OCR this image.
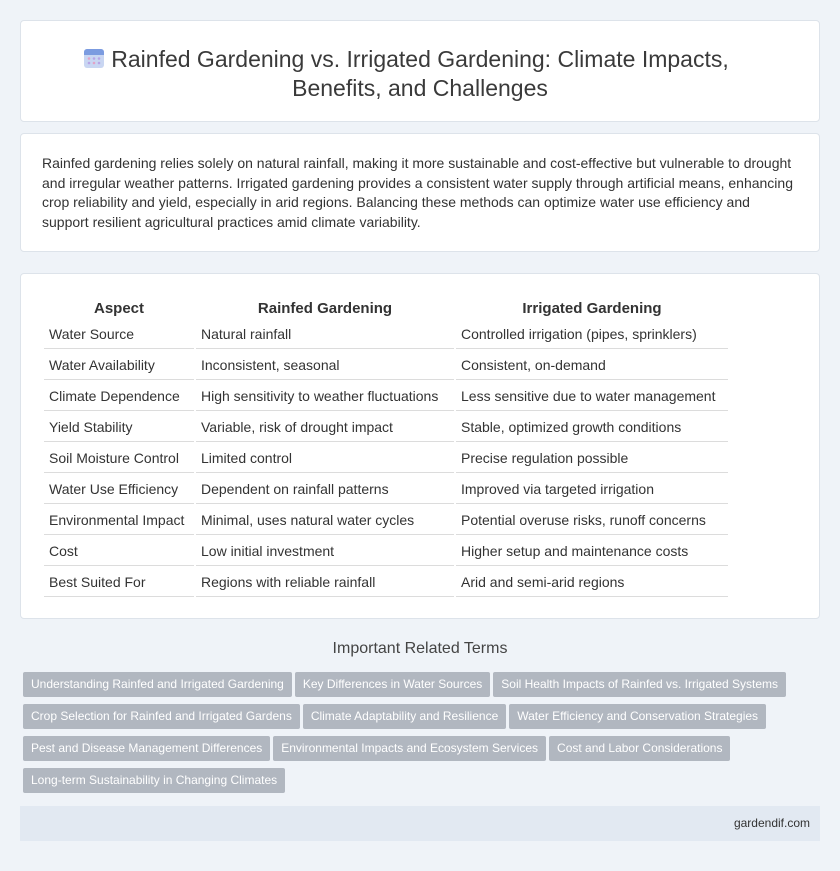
Rainfed Gardening vs. Irrigated Gardening: Climate Impacts, Benefits, and Challenges

Rainfed gardening relies solely on natural rainfall, making it more sustainable and cost-effective but vulnerable to drought and irregular weather patterns. Irrigated gardening provides a consistent water supply through artificial means, enhancing crop reliability and yield, especially in arid regions. Balancing these methods can optimize water use efficiency and support resilient agricultural practices amid climate variability.

Aspect	Rainfed Gardening	Irrigated Gardening
Water Source	Natural rainfall	Controlled irrigation (pipes, sprinklers)
Water Availability	Inconsistent, seasonal	Consistent, on-demand
Climate Dependence	High sensitivity to weather fluctuations	Less sensitive due to water management
Yield Stability	Variable, risk of drought impact	Stable, optimized growth conditions
Soil Moisture Control	Limited control	Precise regulation possible
Water Use Efficiency	Dependent on rainfall patterns	Improved via targeted irrigation
Environmental Impact	Minimal, uses natural water cycles	Potential overuse risks, runoff concerns
Cost	Low initial investment	Higher setup and maintenance costs
Best Suited For	Regions with reliable rainfall	Arid and semi-arid regions
Important Related Terms
Understanding Rainfed and Irrigated Gardening Key Differences in Water Sources Soil Health Impacts of Rainfed vs. Irrigated SystemsCrop Selection for Rainfed and Irrigated Gardens Climate Adaptability and Resilience Water Efficiency and Conservation StrategiesPest and Disease Management Differences Environmental Impacts and Ecosystem Services Cost and Labor ConsiderationsLong-term Sustainability in Changing Climates
gardendif.com
